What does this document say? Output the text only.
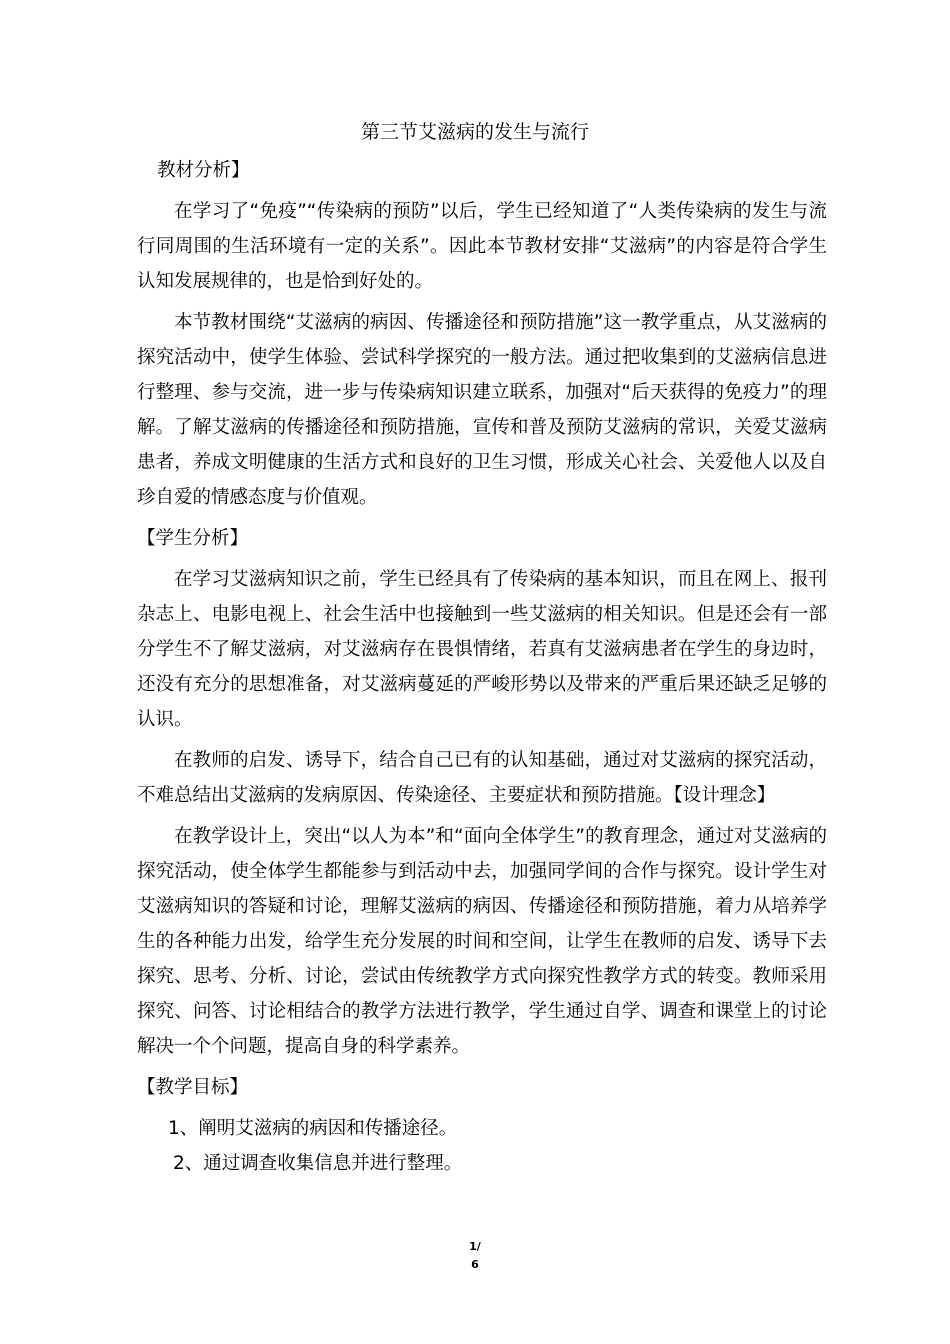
第三节艾滋病的发生与流行
教材分析】

在学习了“免疫”“传染病的预防”以后，学生已经知道了“人类传染病的发生与流行同周围的生活环境有一定的关系”。因此本节教材安排“艾滋病”的内容是符合学生认知发展规律的，也是恰到好处的。

本节教材围绕“艾滋病的病因、传播途径和预防措施”这一教学重点，从艾滋病的探究活动中，使学生体验、尝试科学探究的一般方法。通过把收集到的艾滋病信息进行整理、参与交流，进一步与传染病知识建立联系，加强对“后天获得的免疫力”的理解。了解艾滋病的传播途径和预防措施，宣传和普及预防艾滋病的常识，关爱艾滋病患者，养成文明健康的生活方式和良好的卫生习惯，形成关心社会、关爱他人以及自珍自爱的情感态度与价值观。

【学生分析】

在学习艾滋病知识之前，学生已经具有了传染病的基本知识，而且在网上、报刊杂志上、电影电视上、社会生活中也接触到一些艾滋病的相关知识。但是还会有一部分学生不了解艾滋病，对艾滋病存在畏惧情绪，若真有艾滋病患者在学生的身边时，还没有充分的思想准备，对艾滋病蔓延的严峻形势以及带来的严重后果还缺乏足够的认识。

在教师的启发、诱导下，结合自己已有的认知基础，通过对艾滋病的探究活动，不难总结出艾滋病的发病原因、传染途径、主要症状和预防措施。【设计理念】

在教学设计上，突出“以人为本”和“面向全体学生”的教育理念，通过对艾滋病的探究活动，使全体学生都能参与到活动中去，加强同学间的合作与探究。设计学生对艾滋病知识的答疑和讨论，理解艾滋病的病因、传播途径和预防措施，着力从培养学生的各种能力出发，给学生充分发展的时间和空间，让学生在教师的启发、诱导下去探究、思考、分析、讨论，尝试由传统教学方式向探究性教学方式的转变。教师采用探究、问答、讨论相结合的教学方法进行教学，学生通过自学、调查和课堂上的讨论解决一个个问题，提高自身的科学素养。

【教学目标】
1、阐明艾滋病的病因和传播途径。
2、通过调查收集信息并进行整理。
1/
6
